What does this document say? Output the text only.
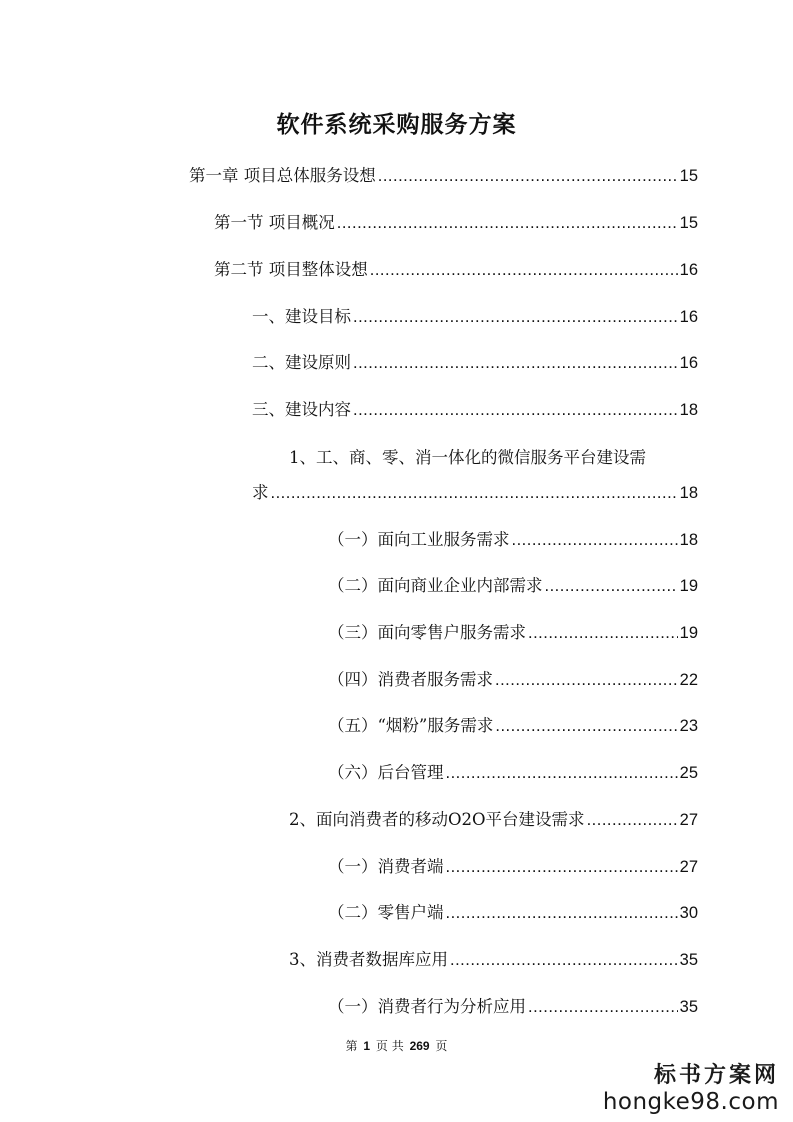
软件系统采购服务方案
第一章 项目总体服务设想 .....	15
第一节 项目概况 .....	15
第二节 项目整体设想 .....	16
一、建设目标 .....	16
二、建设原则 .....	16
三、建设内容 .....	18
1、工、商、零、消一体化的微信服务平台建设需
求 .....	18
（一）面向工业服务需求 .....	18
（二）面向商业企业内部需求 .....	19
（三）面向零售户服务需求 .....	19
（四）消费者服务需求 .....	22
（五）“烟粉”服务需求 .....	23
（六）后台管理 .....	25
2、面向消费者的移动O2O平台建设需求 .....	27
（一）消费者端 .....	27
（二）零售户端 .....	30
3、消费者数据库应用 .....	35
（一）消费者行为分析应用 .....	35
第 1 页 共 269 页
标书方案网
hongke98.com
